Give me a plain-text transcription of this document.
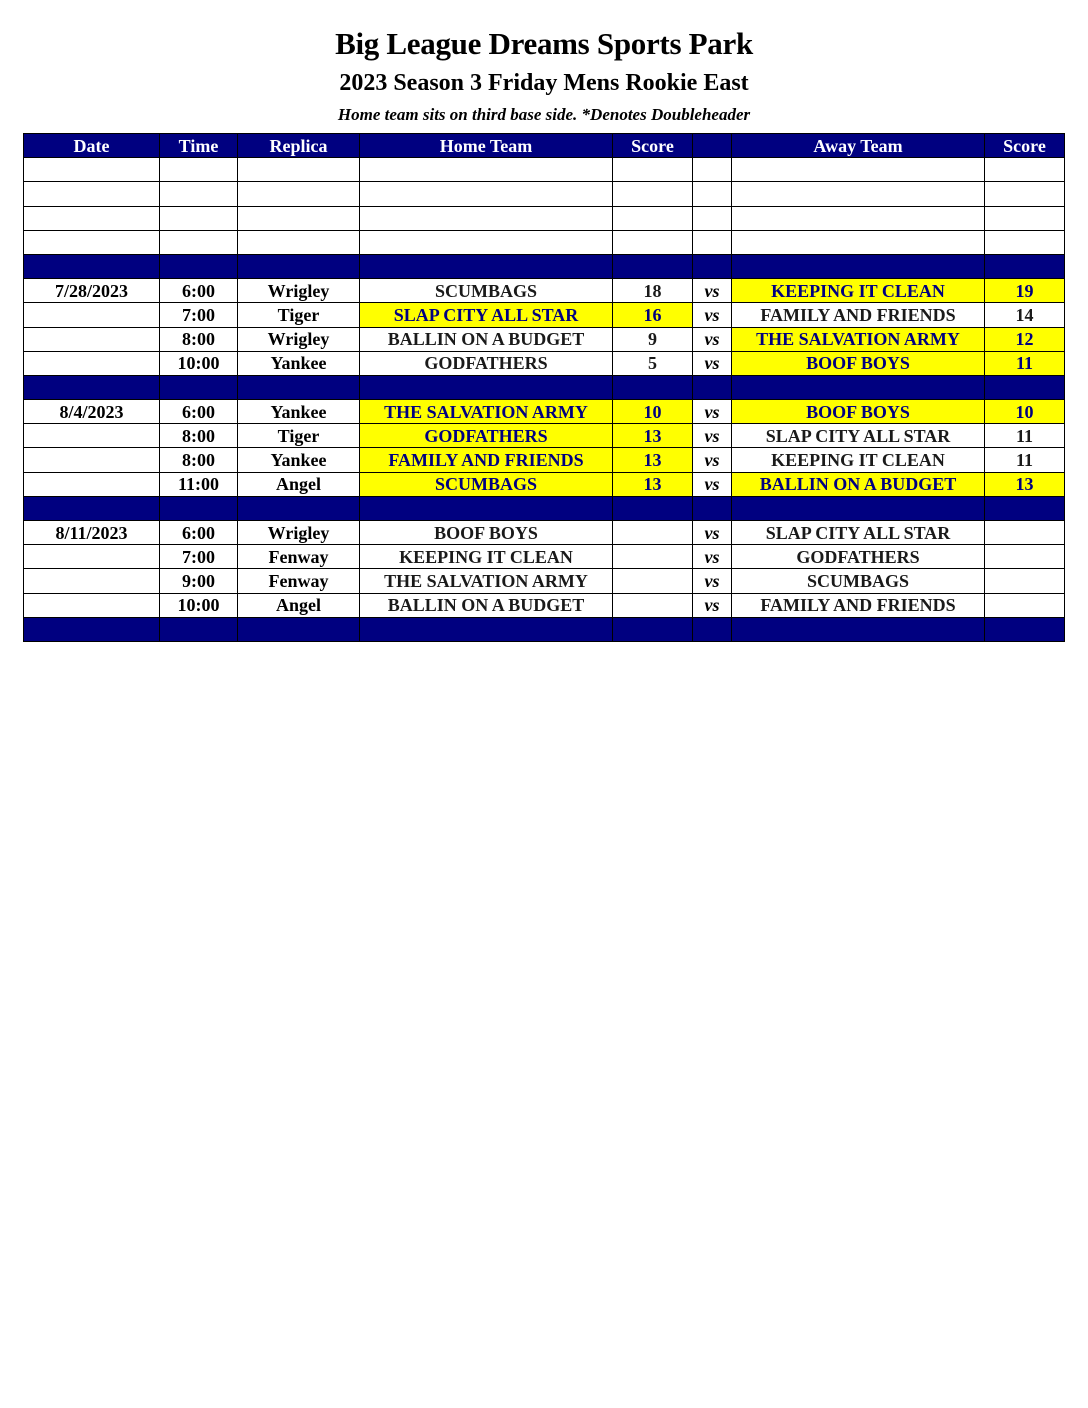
Big League Dreams Sports Park
2023 Season 3 Friday Mens Rookie East
Home team sits on third base side. *Denotes Doubleheader
Date	Time	Replica	Home Team	Score		Away Team	Score

7/28/2023	6:00	Wrigley	SCUMBAGS	18	vs	KEEPING IT CLEAN	19
	7:00	Tiger	SLAP CITY ALL STAR	16	vs	FAMILY AND FRIENDS	14
	8:00	Wrigley	BALLIN ON A BUDGET	9	vs	THE SALVATION ARMY	12
	10:00	Yankee	GODFATHERS	5	vs	BOOF BOYS	11

8/4/2023	6:00	Yankee	THE SALVATION ARMY	10	vs	BOOF BOYS	10
	8:00	Tiger	GODFATHERS	13	vs	SLAP CITY ALL STAR	11
	8:00	Yankee	FAMILY AND FRIENDS	13	vs	KEEPING IT CLEAN	11
	11:00	Angel	SCUMBAGS	13	vs	BALLIN ON A BUDGET	13

8/11/2023	6:00	Wrigley	BOOF BOYS		vs	SLAP CITY ALL STAR	
	7:00	Fenway	KEEPING IT CLEAN		vs	GODFATHERS	
	9:00	Fenway	THE SALVATION ARMY		vs	SCUMBAGS	
	10:00	Angel	BALLIN ON A BUDGET		vs	FAMILY AND FRIENDS	
